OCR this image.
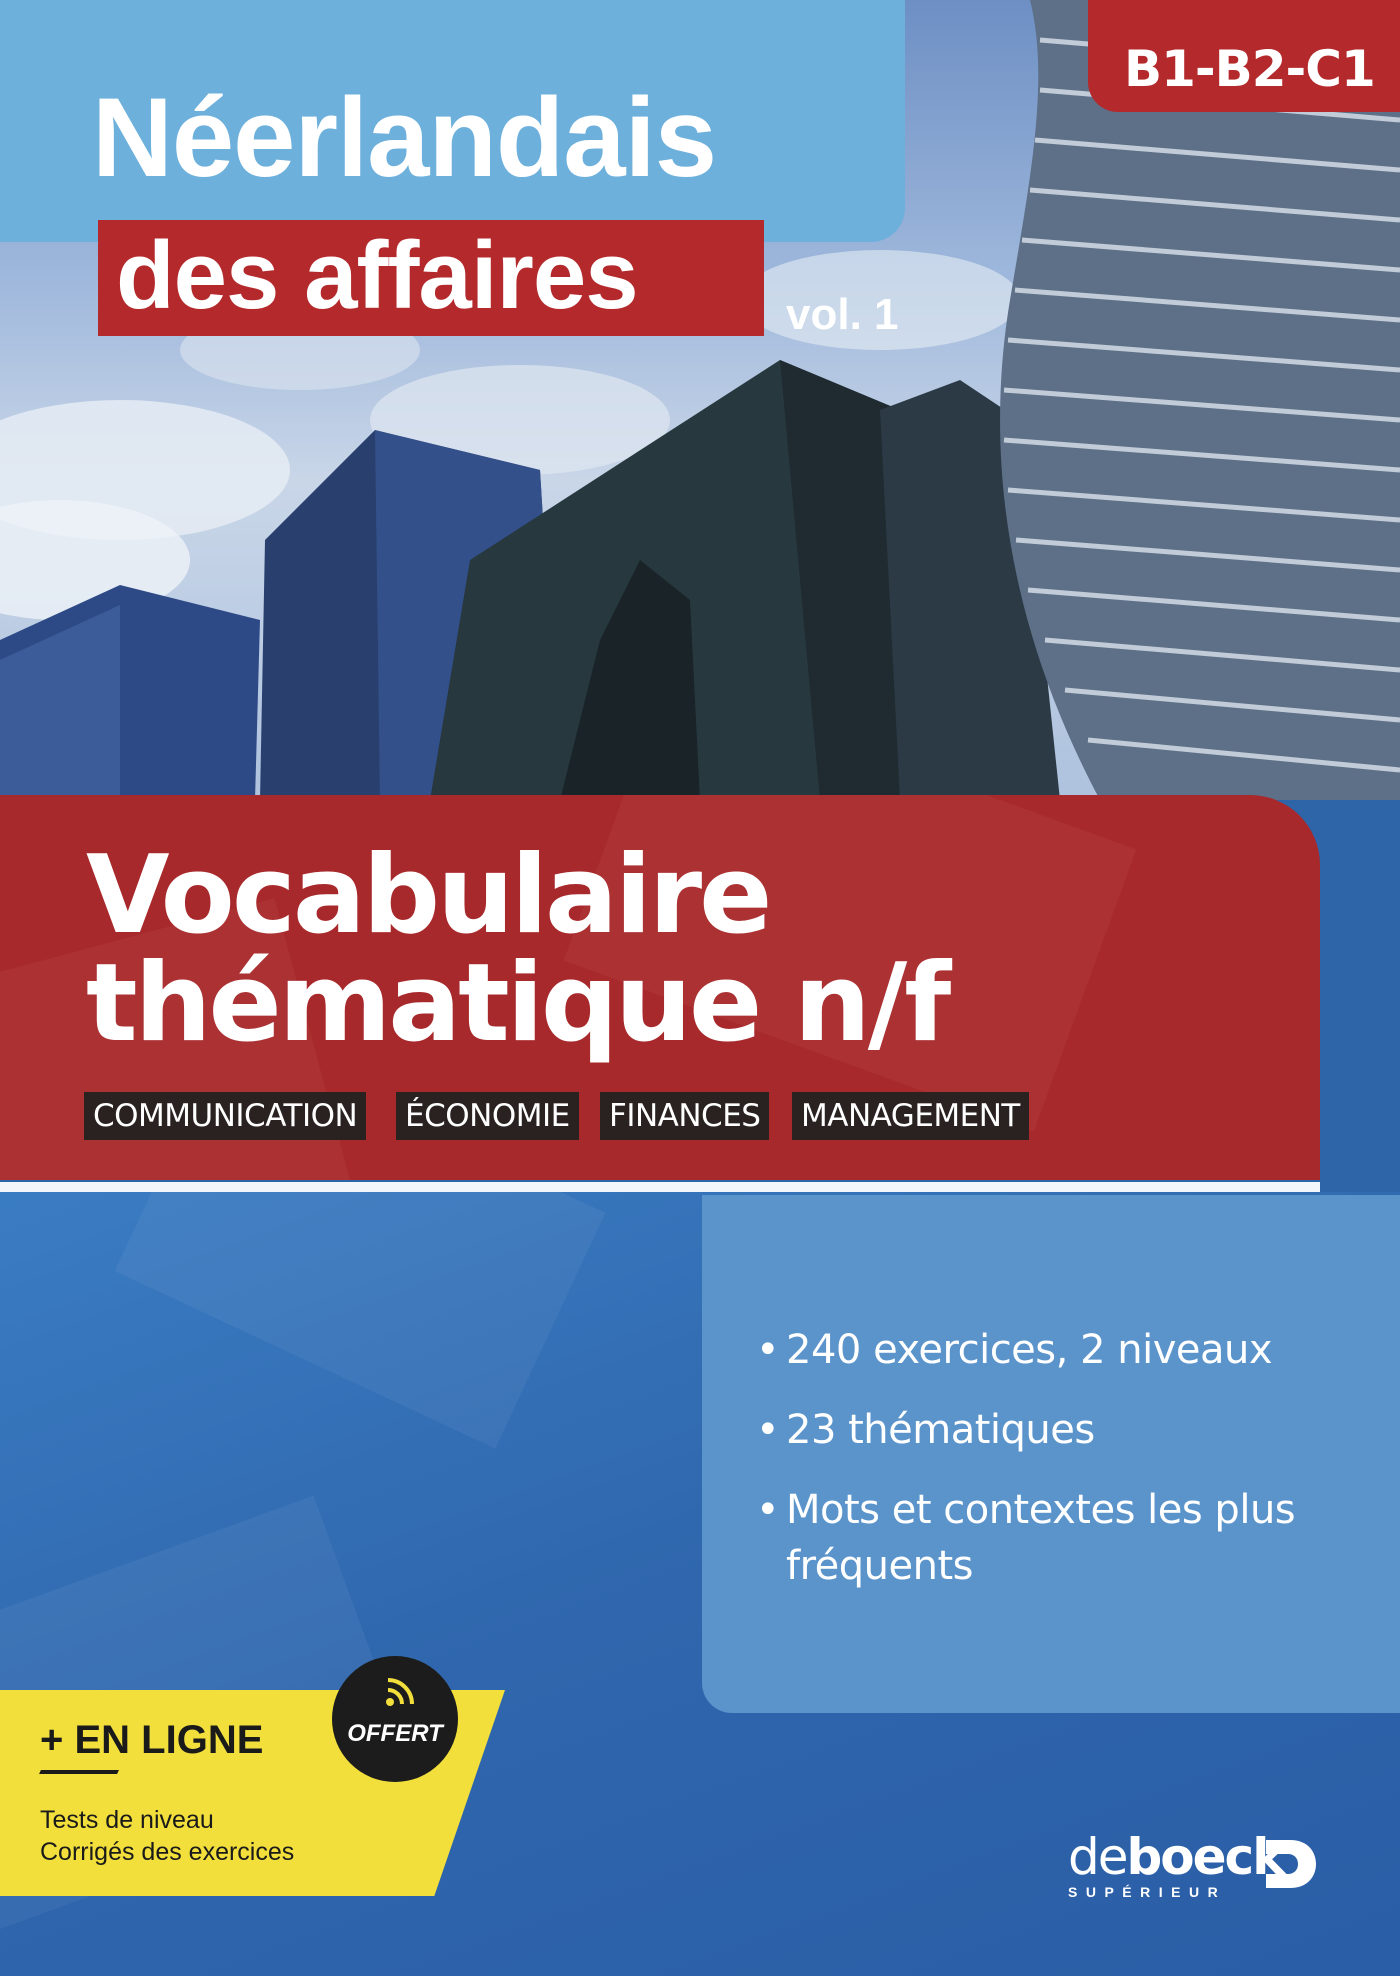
Néerlandais
des affaires	vol. 1
B1-B2-C1
Vocabulaire
thématique n/f
COMMUNICATION ÉCONOMIE FINANCES MANAGEMENT
• 240 exercices, 2 niveaux
• 23 thématiques
• Mots et contextes les plus fréquents
+ EN LIGNE
Tests de niveau
Corrigés des exercices
OFFERT
deboeck
SUPÉRIEUR
